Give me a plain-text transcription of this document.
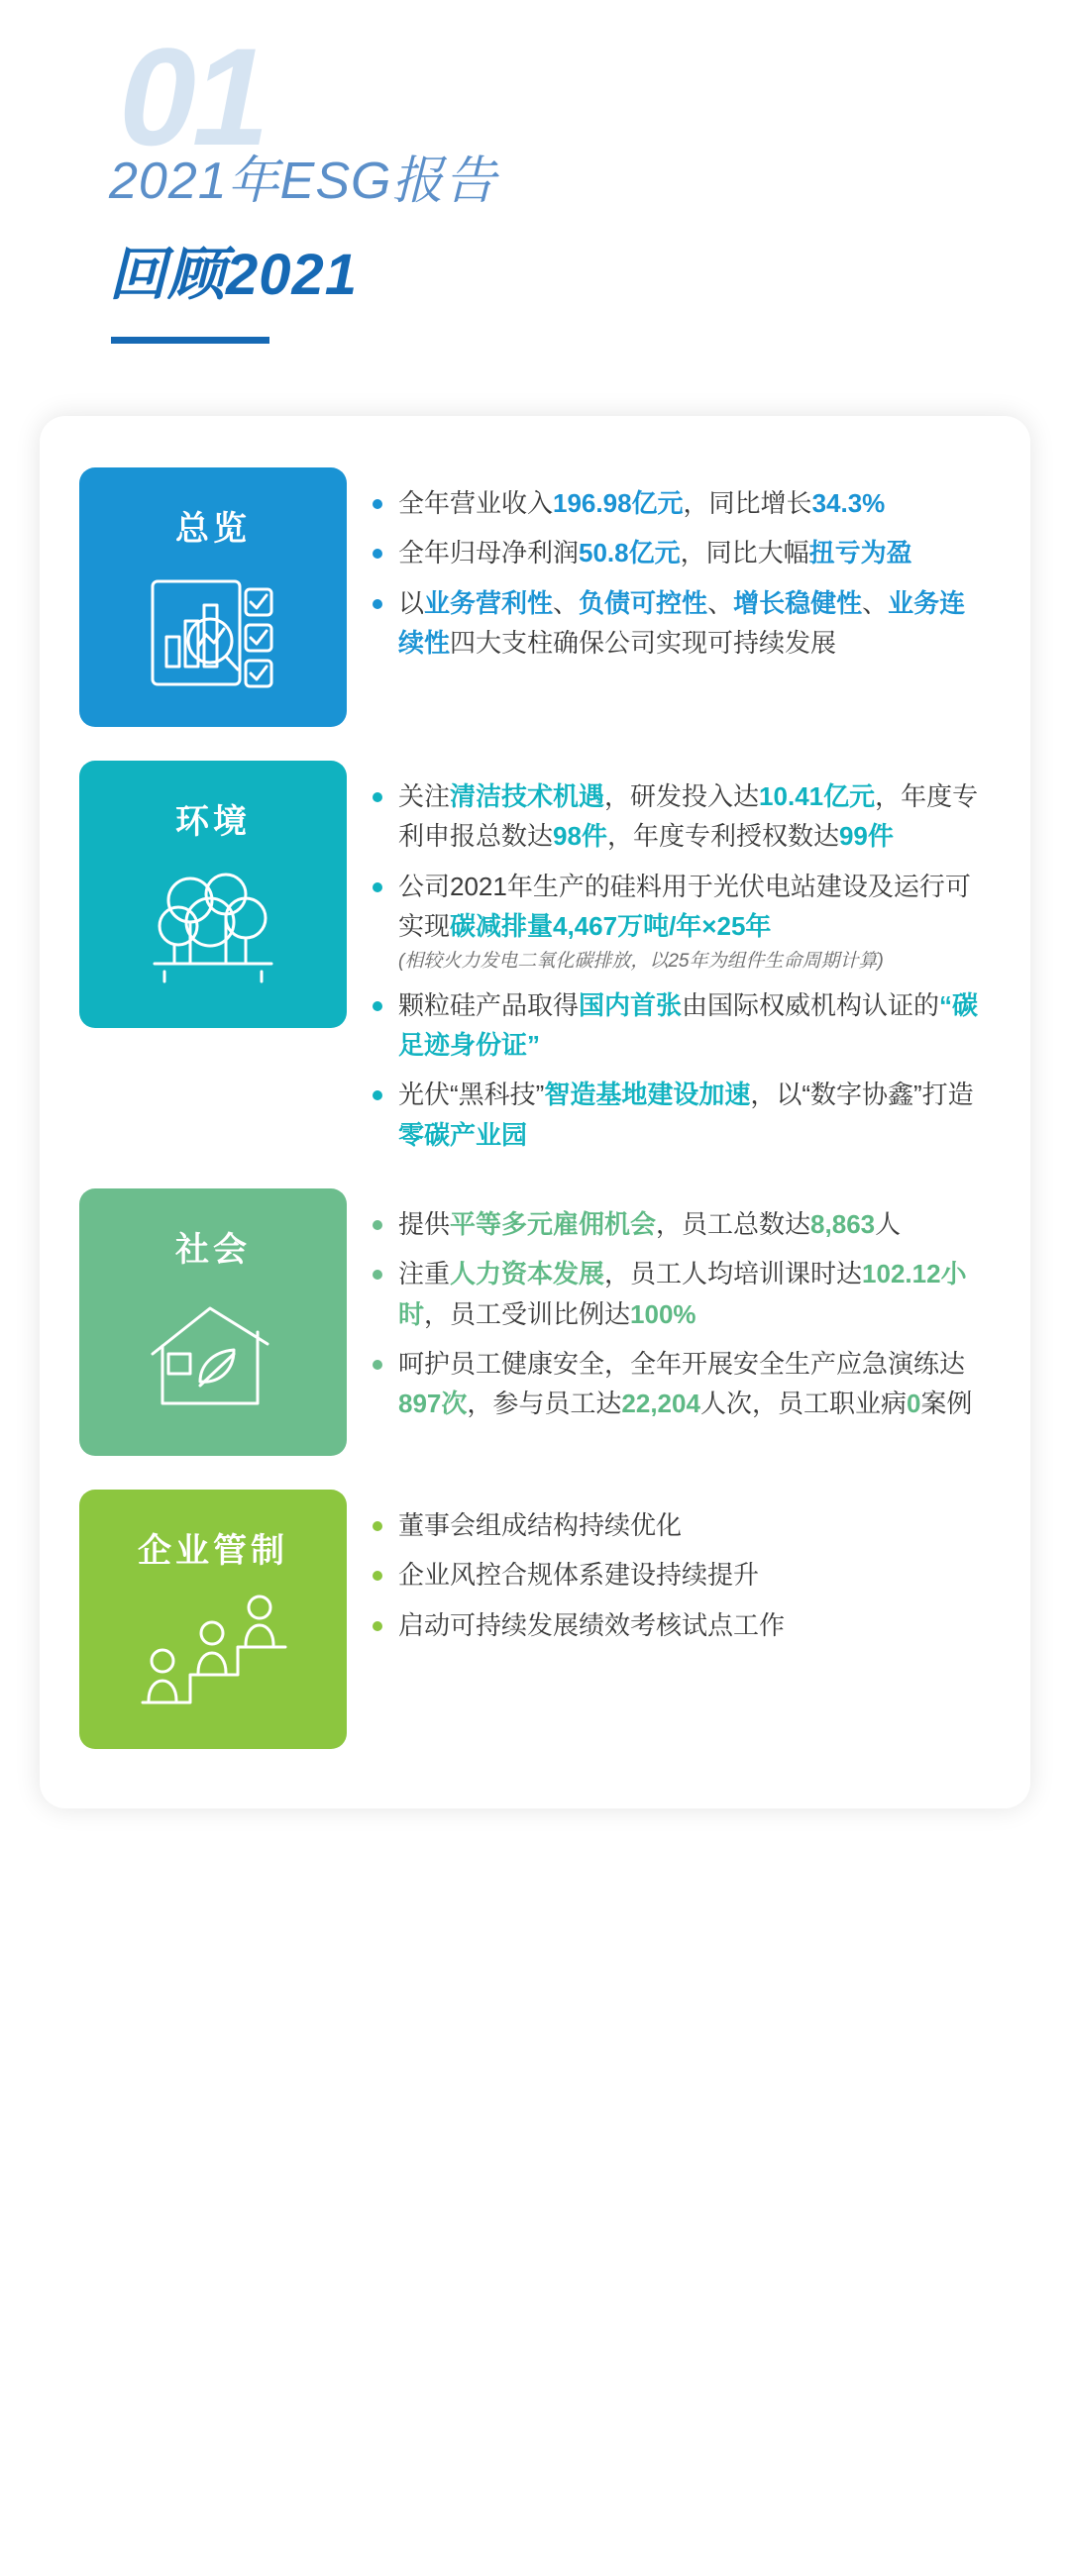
01
2021年ESG报告
回顾2021
总览
全年营业收入196.98亿元，同比增长34.3%
全年归母净利润50.8亿元，同比大幅扭亏为盈
以业务营利性、负债可控性、增长稳健性、业务连续性四大支柱确保公司实现可持续发展
环境
关注清洁技术机遇，研发投入达10.41亿元，年度专利申报总数达98件，年度专利授权数达99件
公司2021年生产的硅料用于光伏电站建设及运行可实现碳减排量4,467万吨/年×25年
(相较火力发电二氧化碳排放，以25年为组件生命周期计算)
颗粒硅产品取得国内首张由国际权威机构认证的“碳足迹身份证”
光伏“黑科技”智造基地建设加速，以“数字协鑫”打造零碳产业园
社会
提供平等多元雇佣机会，员工总数达8,863人
注重人力资本发展，员工人均培训课时达102.12小时，员工受训比例达100%
呵护员工健康安全，全年开展安全生产应急演练达897次，参与员工达22,204人次，员工职业病0案例
企业管制
董事会组成结构持续优化
企业风控合规体系建设持续提升
启动可持续发展绩效考核试点工作
